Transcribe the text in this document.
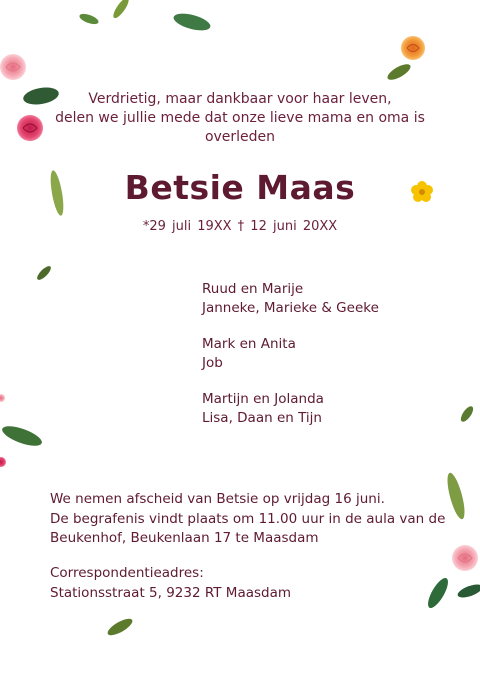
Verdrietig, maar dankbaar voor haar leven,
delen we jullie mede dat onze lieve mama en oma is
overleden

Betsie Maas

*29 juli 19XX † 12 juni 20XX

Ruud en Marije
Janneke, Marieke & Geeke
Mark en Anita
Job
Martijn en Jolanda
Lisa, Daan en Tijn
We nemen afscheid van Betsie op vrijdag 16 juni.
De begrafenis vindt plaats om 11.00 uur in de aula van de
Beukenhof, Beukenlaan 17 te Maasdam
Correspondentieadres:
Stationsstraat 5, 9232 RT Maasdam
